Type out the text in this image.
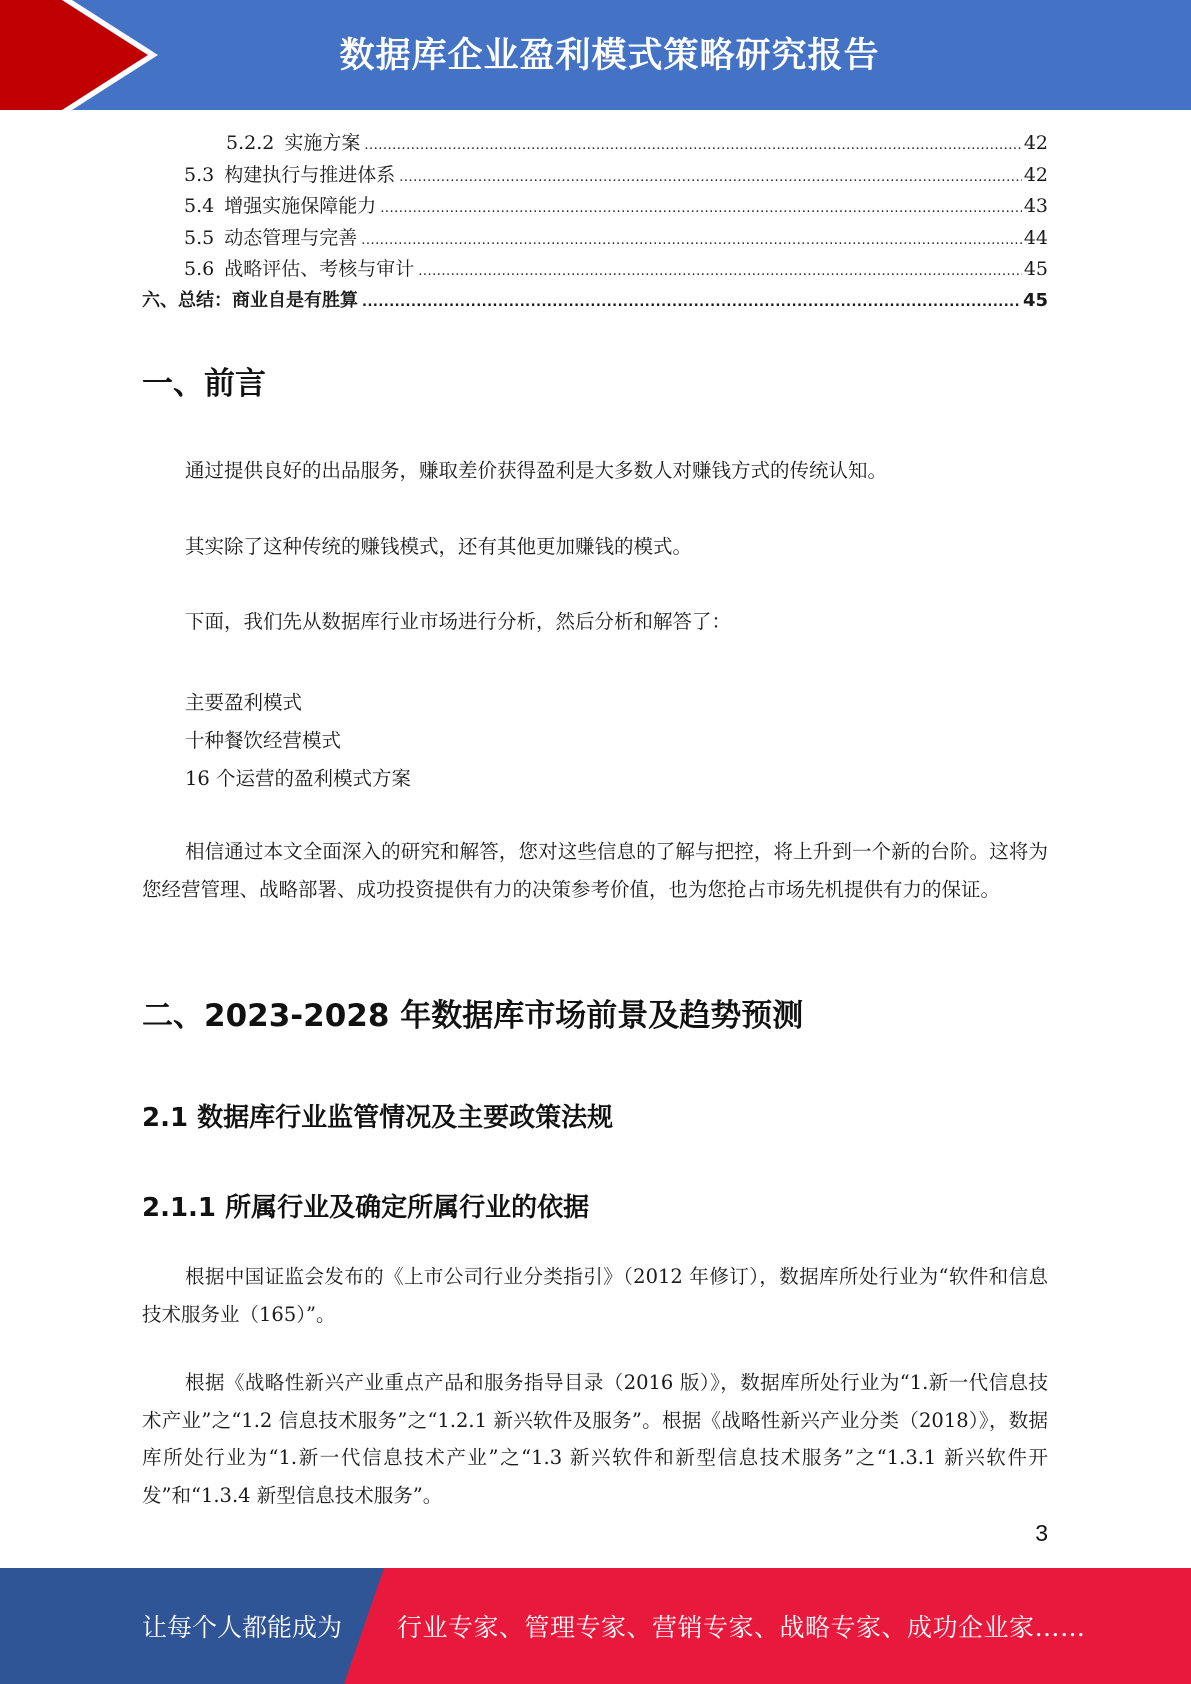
数据库企业盈利模式策略研究报告
5.2.2 实施方案 .....	42
5.3 构建执行与推进体系 .....	42
5.4 增强实施保障能力 .....	43
5.5 动态管理与完善 .....	44
5.6 战略评估、考核与审计 .....	45
六、总结：商业自是有胜算 .....	45
一、前言

通过提供良好的出品服务，赚取差价获得盈利是大多数人对赚钱方式的传统认知。

其实除了这种传统的赚钱模式，还有其他更加赚钱的模式。

下面，我们先从数据库行业市场进行分析，然后分析和解答了：

主要盈利模式

十种餐饮经营模式

16 个运营的盈利模式方案

相信通过本文全面深入的研究和解答，您对这些信息的了解与把控，将上升到一个新的台阶。这将为您经营管理、战略部署、成功投资提供有力的决策参考价值，也为您抢占市场先机提供有力的保证。

二、2023-2028 年数据库市场前景及趋势预测
2.1 数据库行业监管情况及主要政策法规
2.1.1 所属行业及确定所属行业的依据

根据中国证监会发布的《上市公司行业分类指引》（2012 年修订），数据库所处行业为“软件和信息技术服务业（165）”。

根据《战略性新兴产业重点产品和服务指导目录（2016 版）》，数据库所处行业为“1.新一代信息技术产业”之“1.2 信息技术服务”之“1.2.1 新兴软件及服务”。根据《战略性新兴产业分类（2018）》，数据库所处行业为“1.新一代信息技术产业”之“1.3 新兴软件和新型信息技术服务”之“1.3.1 新兴软件开发”和“1.3.4 新型信息技术服务”。

3
让每个人都能成为 行业专家、管理专家、营销专家、战略专家、成功企业家……
